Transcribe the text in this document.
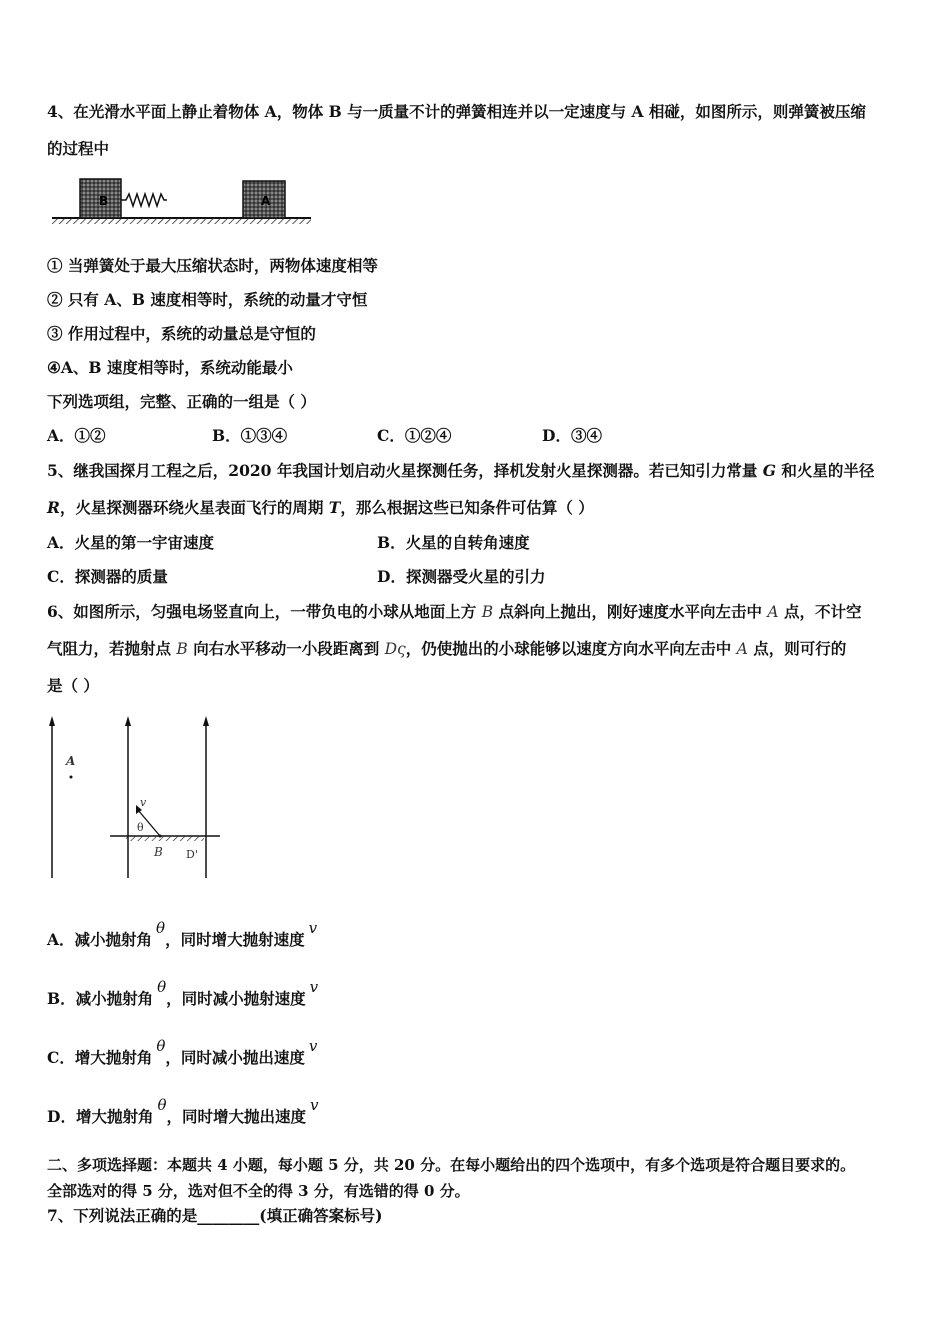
4、在光滑水平面上静止着物体 A，物体 B 与一质量不计的弹簧相连并以一定速度与 A 相碰，如图所示，则弹簧被压缩
的过程中
B	A
① 当弹簧处于最大压缩状态时，两物体速度相等
② 只有 A、B 速度相等时，系统的动量才守恒
③ 作用过程中，系统的动量总是守恒的
④A、B 速度相等时，系统动能最小
下列选项组，完整、正确的一组是（ ）
A．①②	B．①③④	C．①②④	D．③④
5、继我国探月工程之后，2020 年我国计划启动火星探测任务，择机发射火星探测器。若已知引力常量 G 和火星的半径
R，火星探测器环绕火星表面飞行的周期 T，那么根据这些已知条件可估算（ ）
A．火星的第一宇宙速度	B．火星的自转角速度
C．探测器的质量	D．探测器受火星的引力
6、如图所示，匀强电场竖直向上，一带负电的小球从地面上方 B 点斜向上抛出，刚好速度水平向左击中 A 点，不计空
气阻力，若抛射点 B 向右水平移动一小段距离到 Dς，仍使抛出的小球能够以速度方向水平向左击中 A 点，则可行的
是（ ）
A
v
θ
B D'
A．减小抛射角θ，同时增大抛射速度v
B．减小抛射角θ，同时减小抛射速度v
C．增大抛射角θ，同时减小抛出速度v
D．增大抛射角θ，同时增大抛出速度v
二、多项选择题：本题共 4 小题，每小题 5 分，共 20 分。在每小题给出的四个选项中，有多个选项是符合题目要求的。
全部选对的得 5 分，选对但不全的得 3 分，有选错的得 0 分。
7、下列说法正确的是________(填正确答案标号)
